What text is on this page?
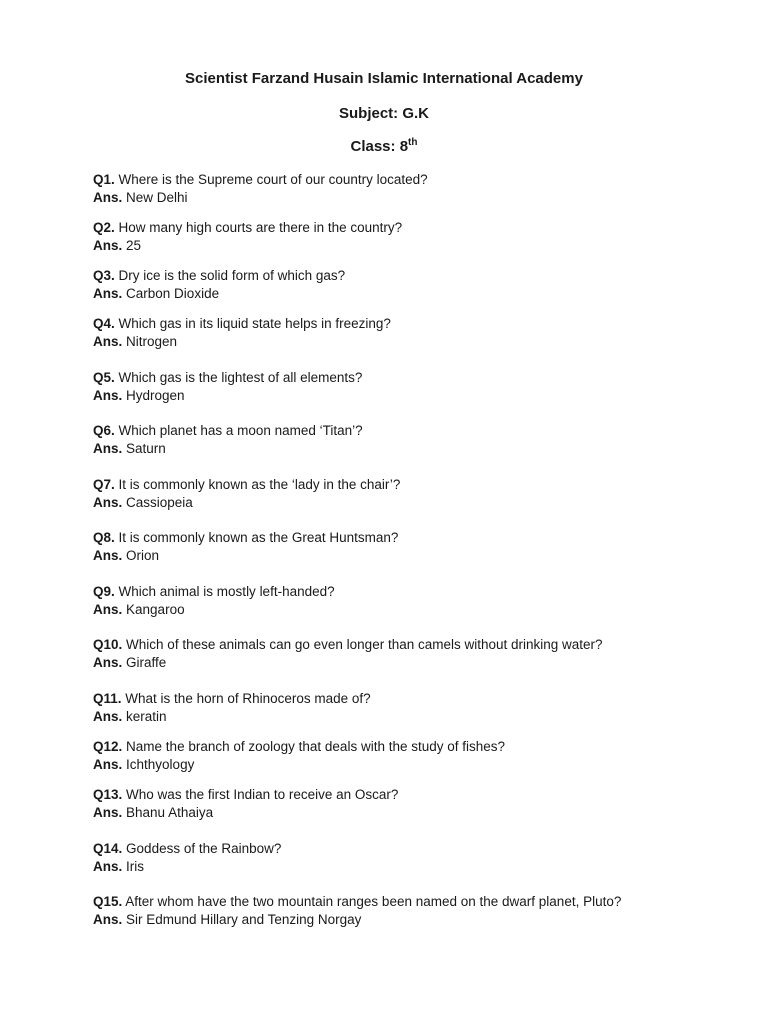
Scientist Farzand Husain Islamic International Academy
Subject: G.K
Class: 8th
Q1. Where is the Supreme court of our country located?
Ans. New Delhi
Q2. How many high courts are there in the country?
Ans. 25
Q3. Dry ice is the solid form of which gas?
Ans. Carbon Dioxide
Q4. Which gas in its liquid state helps in freezing?
Ans. Nitrogen
Q5. Which gas is the lightest of all elements?
Ans. Hydrogen
Q6. Which planet has a moon named ‘Titan’?
Ans. Saturn
Q7. It is commonly known as the ‘lady in the chair’?
Ans. Cassiopeia
Q8. It is commonly known as the Great Huntsman?
Ans. Orion
Q9. Which animal is mostly left-handed?
Ans. Kangaroo
Q10. Which of these animals can go even longer than camels without drinking water?
Ans. Giraffe
Q11. What is the horn of Rhinoceros made of?
Ans. keratin
Q12. Name the branch of zoology that deals with the study of fishes?
Ans. Ichthyology
Q13. Who was the first Indian to receive an Oscar?
Ans. Bhanu Athaiya
Q14. Goddess of the Rainbow?
Ans. Iris
Q15. After whom have the two mountain ranges been named on the dwarf planet, Pluto?
Ans. Sir Edmund Hillary and Tenzing Norgay
